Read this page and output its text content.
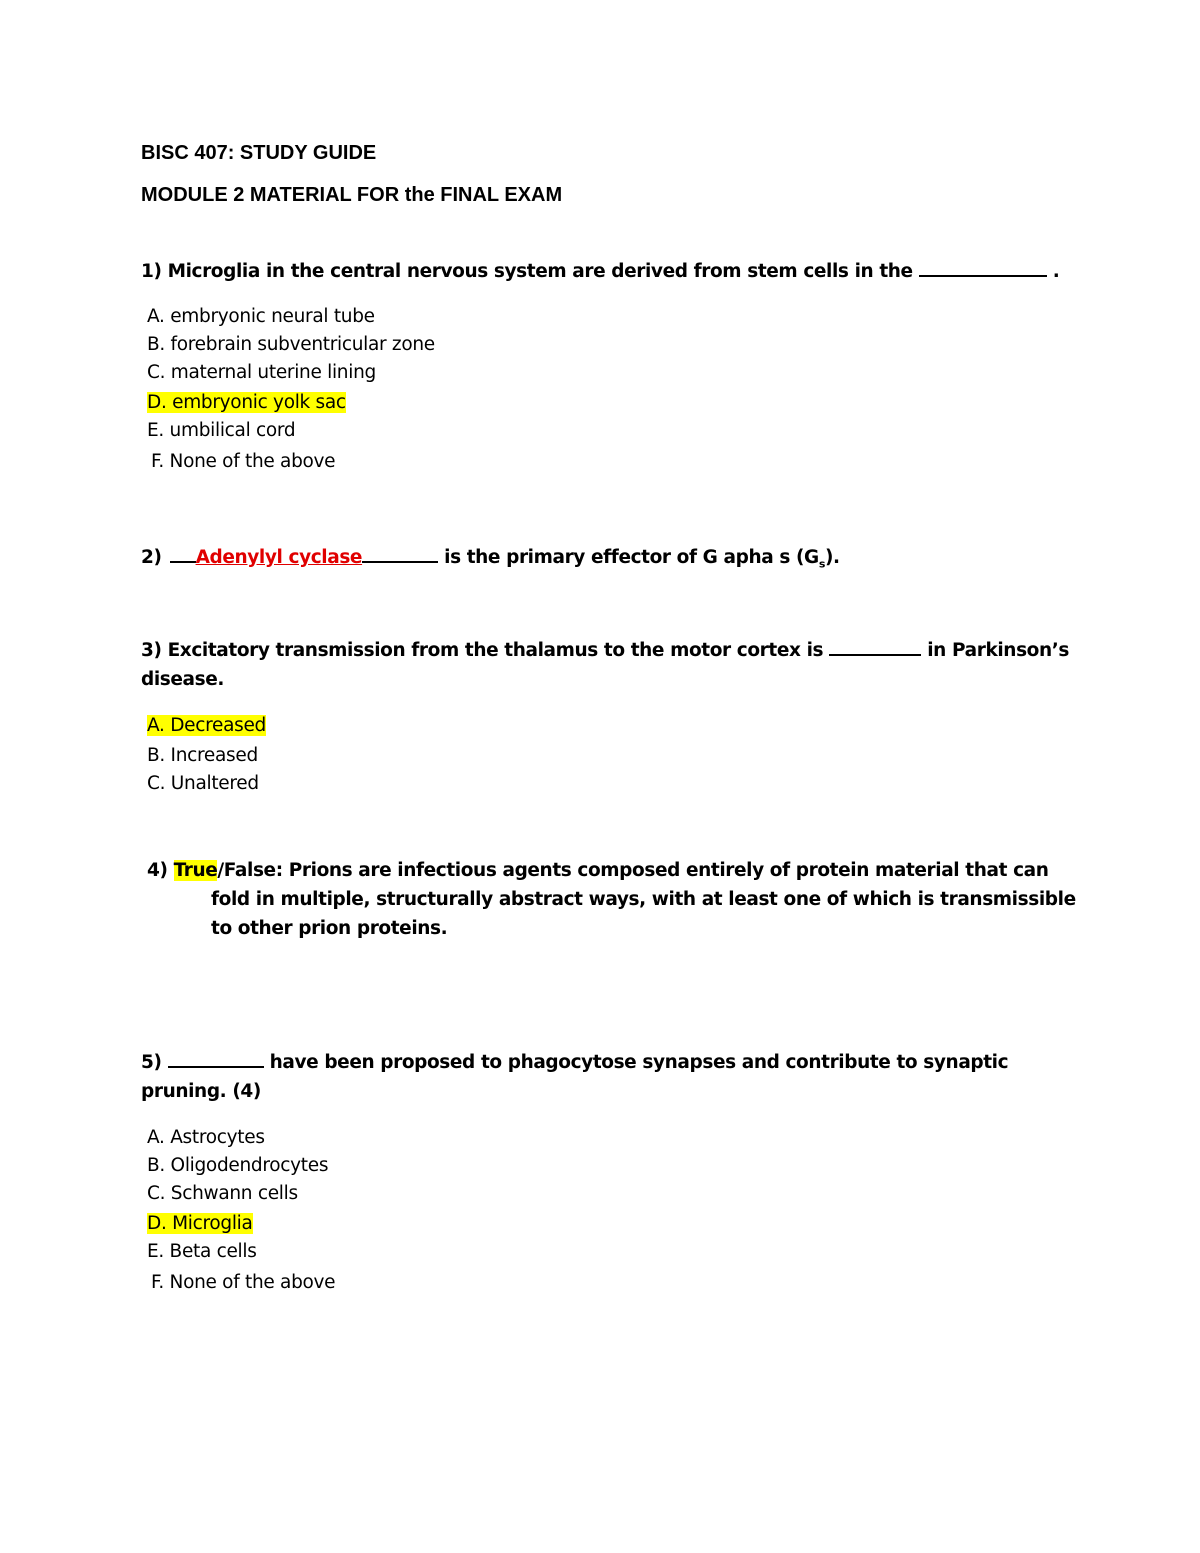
BISC 407: STUDY GUIDE
MODULE 2 MATERIAL FOR the FINAL EXAM
1) Microglia in the central nervous system are derived from stem cells in the	.
A. embryonic neural tube
B. forebrain subventricular zone
C. maternal uterine lining
D. embryonic yolk sac
E. umbilical cord
F. None of the above
2) Adenylyl cyclase	is the primary effector of G apha s $(G_s)$.
3) Excitatory transmission from the thalamus to the motor cortex is	in Parkinson’s
disease.
A. Decreased
B. Increased
C. Unaltered
4) True/False: Prions are infectious agents composed entirely of protein material that can
fold in multiple, structurally abstract ways, with at least one of which is transmissible
to other prion proteins.
5)	have been proposed to phagocytose synapses and contribute to synaptic
pruning. (4)
A. Astrocytes
B. Oligodendrocytes
C. Schwann cells
D. Microglia
E. Beta cells
F. None of the above
